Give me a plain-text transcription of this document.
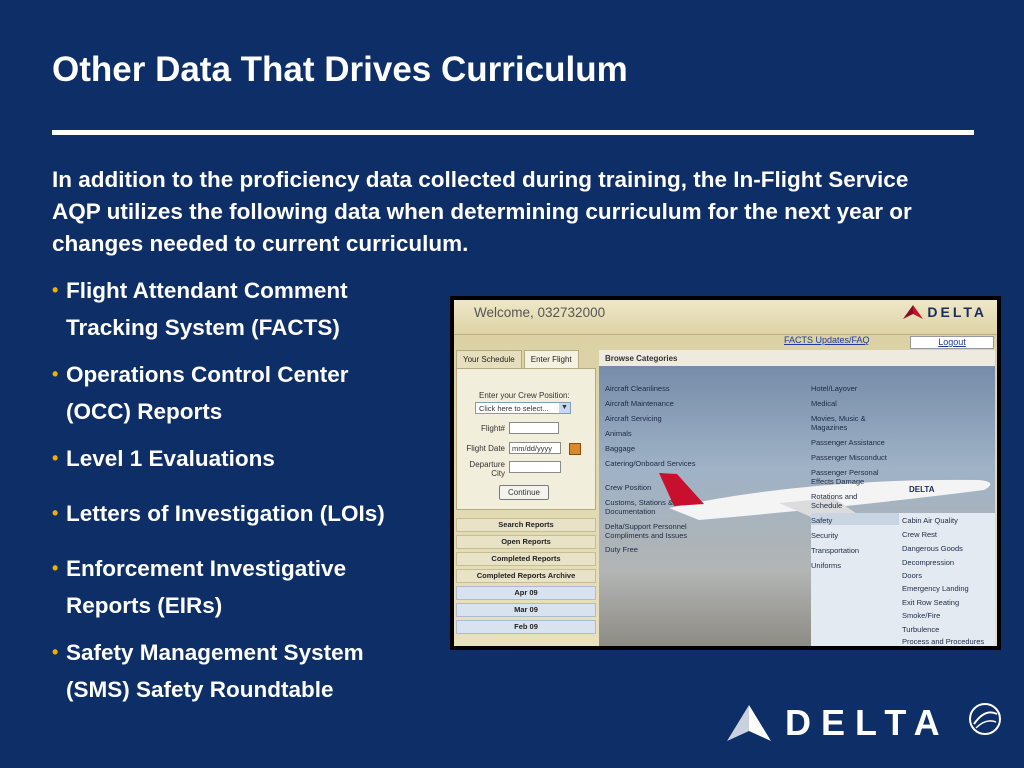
Other Data That Drives Curriculum

In addition to the proficiency data collected during training, the In-Flight Service AQP utilizes the following data when determining curriculum for the next year or changes needed to current curriculum.

• Flight Attendant Comment
Tracking System (FACTS)
• Operations Control Center
(OCC) Reports
• Level 1 Evaluations
• Letters of Investigation (LOIs)
• Enforcement Investigative
Reports (EIRs)
• Safety Management System
(SMS) Safety Roundtable
Welcome, 032732000	DELTA
FACTS Updates/FAQ	Logout
Your Schedule	Enter Flight
Enter your Crew Position:
Click here to select... ▼
Flight#
Flight Date mm/dd/yyyy
Departure
City
Continue
Search Reports
Open Reports
Completed Reports
Completed Reports Archive
Apr 09
Mar 09
Feb 09
Browse Categories
DELTA
Aircraft Cleanliness
Aircraft Maintenance
Aircraft Servicing
Animals
Baggage
Catering/Onboard Services
Crew Position
Customs, Stations & Documentation
Delta/Support Personnel Compliments and Issues
Duty Free
Hotel/Layover
Medical
Movies, Music & Magazines
Passenger Assistance
Passenger Misconduct
Passenger Personal Effects Damage
Rotations and Schedule
Safety
Security
Transportation
Uniforms
Cabin Air Quality
Crew Rest
Dangerous Goods
Decompression
Doors
Emergency Landing
Exit Row Seating
Smoke/Fire
Turbulence
Process and Procedures
DELTA
